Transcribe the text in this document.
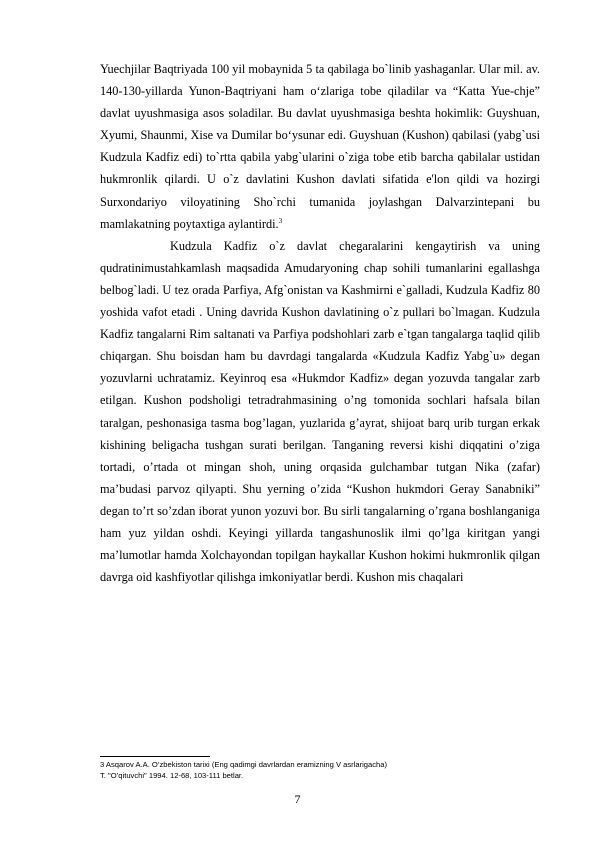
Yuechjilar Baqtriyada 100 yil mobaynida 5 ta qabilaga bo`linib yashaganlar. Ular mil. av. 140-130-yillarda Yunon-Baqtriyani ham o‘zlariga tobe qiladilar va “Katta Yue-chje” davlat uyushmasiga asos soladilar. Bu davlat uyushmasiga beshta hokimlik: Guyshuan, Xyumi, Shaunmi, Xise va Dumilar bo‘ysunar edi. Guyshuan (Kushon) qabilasi (yabg`usi Kudzula Kadfiz edi) to`rtta qabila yabg`ularini o`ziga tobe etib barcha qabilalar ustidan hukmronlik qilardi. U o`z davlatini Kushon davlati sifatida e'lon qildi va hozirgi Surxondariyo viloyatining Sho`rchi tumanida joylashgan Dalvarzintepani bu mamlakatning poytaxtiga aylantirdi.$^3$

Kudzula Kadfiz o`z davlat chegaralarini kengaytirish va uning qudratinimustahkamlash maqsadida Amudaryoning chap sohili tumanlarini egallashga belbog`ladi. U tez orada Parfiya, Afg`onistan va Kashmirni e`galladi, Kudzula Kadfiz 80 yoshida vafot etadi . Uning davrida Kushon davlatining o`z pullari bo`lmagan. Kudzula Kadfiz tangalarni Rim saltanati va Parfiya podshohlari zarb e`tgan tangalarga taqlid qilib chiqargan. Shu boisdan ham bu davrdagi tangalarda «Kudzula Kadfiz Yabg`u» degan yozuvlarni uchratamiz. Keyinroq esa «Hukmdor Kadfiz» degan yozuvda tangalar zarb etilgan. Kushon podsholigi tetradrahmasining o’ng tomonida sochlari hafsala bilan taralgan, peshonasiga tasma bog’lagan, yuzlarida g’ayrat, shijoat barq urib turgan erkak kishining beligacha tushgan surati berilgan. Tanganing reversi kishi diqqatini o’ziga tortadi, o’rtada ot mingan shoh, uning orqasida gulchambar tutgan Nika (zafar) ma’budasi parvoz qilyapti. Shu yerning o’zida “Kushon hukmdori Geray Sanabniki” degan to’rt so’zdan iborat yunon yozuvi bor. Bu sirli tangalarning o’rgana boshlanganiga ham yuz yildan oshdi. Keyingi yillarda tangashunoslik ilmi qo’lga kiritgan yangi ma’lumotlar hamda Xolchayondan topilgan haykallar Kushon hokimi hukmronlik qilgan davrga oid kashfiyotlar qilishga imkoniyatlar berdi. Kushon mis chaqalari

3 Asqarov A.A. O’zbekiston tarixi (Eng qadimgi davrlardan eramizning V asrlarigacha)
T. "O’qituvchi" 1994. 12-68, 103-111 betlar.
7
